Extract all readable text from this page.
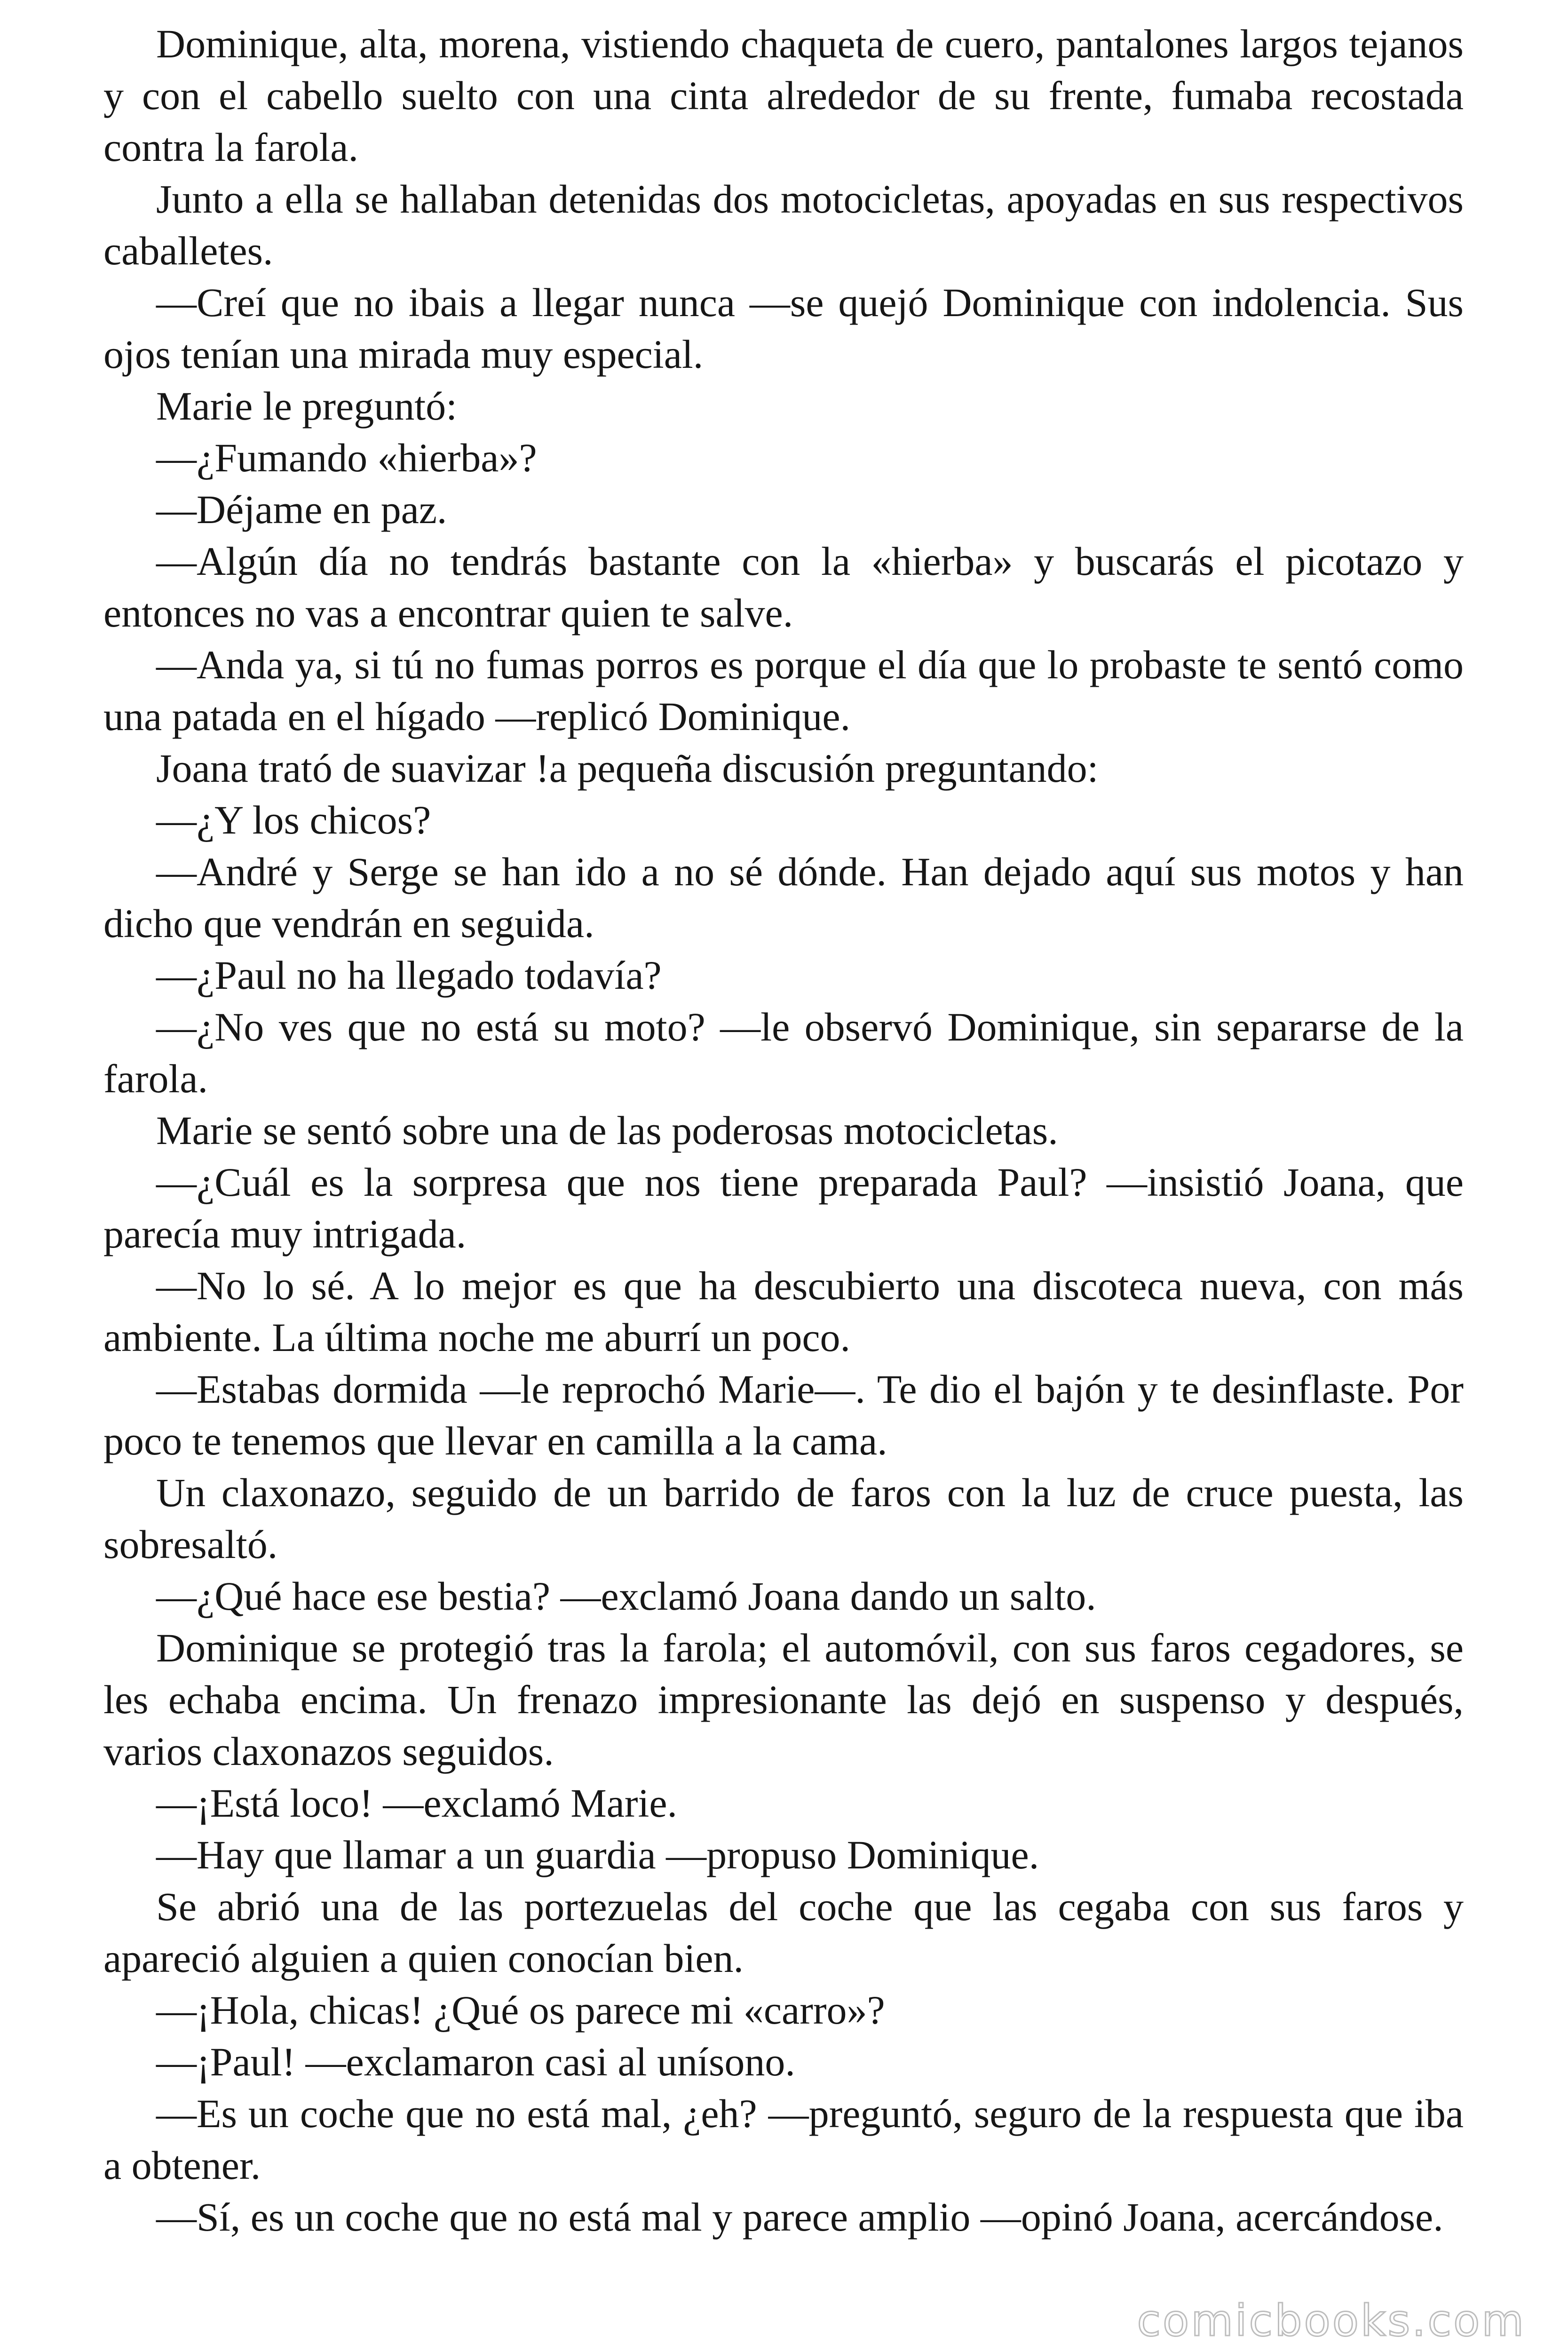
Dominique, alta, morena, vistiendo chaqueta de cuero, pantalones largos tejanos y con el cabello suelto con una cinta alrededor de su frente, fumaba recostada contra la farola.

Junto a ella se hallaban detenidas dos motocicletas, apoyadas en sus respectivos caballetes.

—Creí que no ibais a llegar nunca —se quejó Dominique con indolencia. Sus ojos tenían una mirada muy especial.

Marie le preguntó:

—¿Fumando «hierba»?

—Déjame en paz.

—Algún día no tendrás bastante con la «hierba» y buscarás el picotazo y entonces no vas a encontrar quien te salve.

—Anda ya, si tú no fumas porros es porque el día que lo probaste te sentó como una patada en el hígado —replicó Dominique.

Joana trató de suavizar !a pequeña discusión preguntando:

—¿Y los chicos?

—André y Serge se han ido a no sé dónde. Han dejado aquí sus motos y han dicho que vendrán en seguida.

—¿Paul no ha llegado todavía?

—¿No ves que no está su moto? —le observó Dominique, sin separarse de la farola.

Marie se sentó sobre una de las poderosas motocicletas.

—¿Cuál es la sorpresa que nos tiene preparada Paul? —insistió Joana, que parecía muy intrigada.

—No lo sé. A lo mejor es que ha descubierto una discoteca nueva, con más ambiente. La última noche me aburrí un poco.

—Estabas dormida —le reprochó Marie—. Te dio el bajón y te desinflaste. Por poco te tenemos que llevar en camilla a la cama.

Un claxonazo, seguido de un barrido de faros con la luz de cruce puesta, las sobresaltó.

—¿Qué hace ese bestia? —exclamó Joana dando un salto.

Dominique se protegió tras la farola; el automóvil, con sus faros cegadores, se les echaba encima. Un frenazo impresionante las dejó en suspenso y después, varios claxonazos seguidos.

—¡Está loco! —exclamó Marie.

—Hay que llamar a un guardia —propuso Dominique.

Se abrió una de las portezuelas del coche que las cegaba con sus faros y apareció alguien a quien conocían bien.

—¡Hola, chicas! ¿Qué os parece mi «carro»?

—¡Paul! —exclamaron casi al unísono.

—Es un coche que no está mal, ¿eh? —preguntó, seguro de la respuesta que iba a obtener.

—Sí, es un coche que no está mal y parece amplio —opinó Joana, acercándose.

comicbooks.com
